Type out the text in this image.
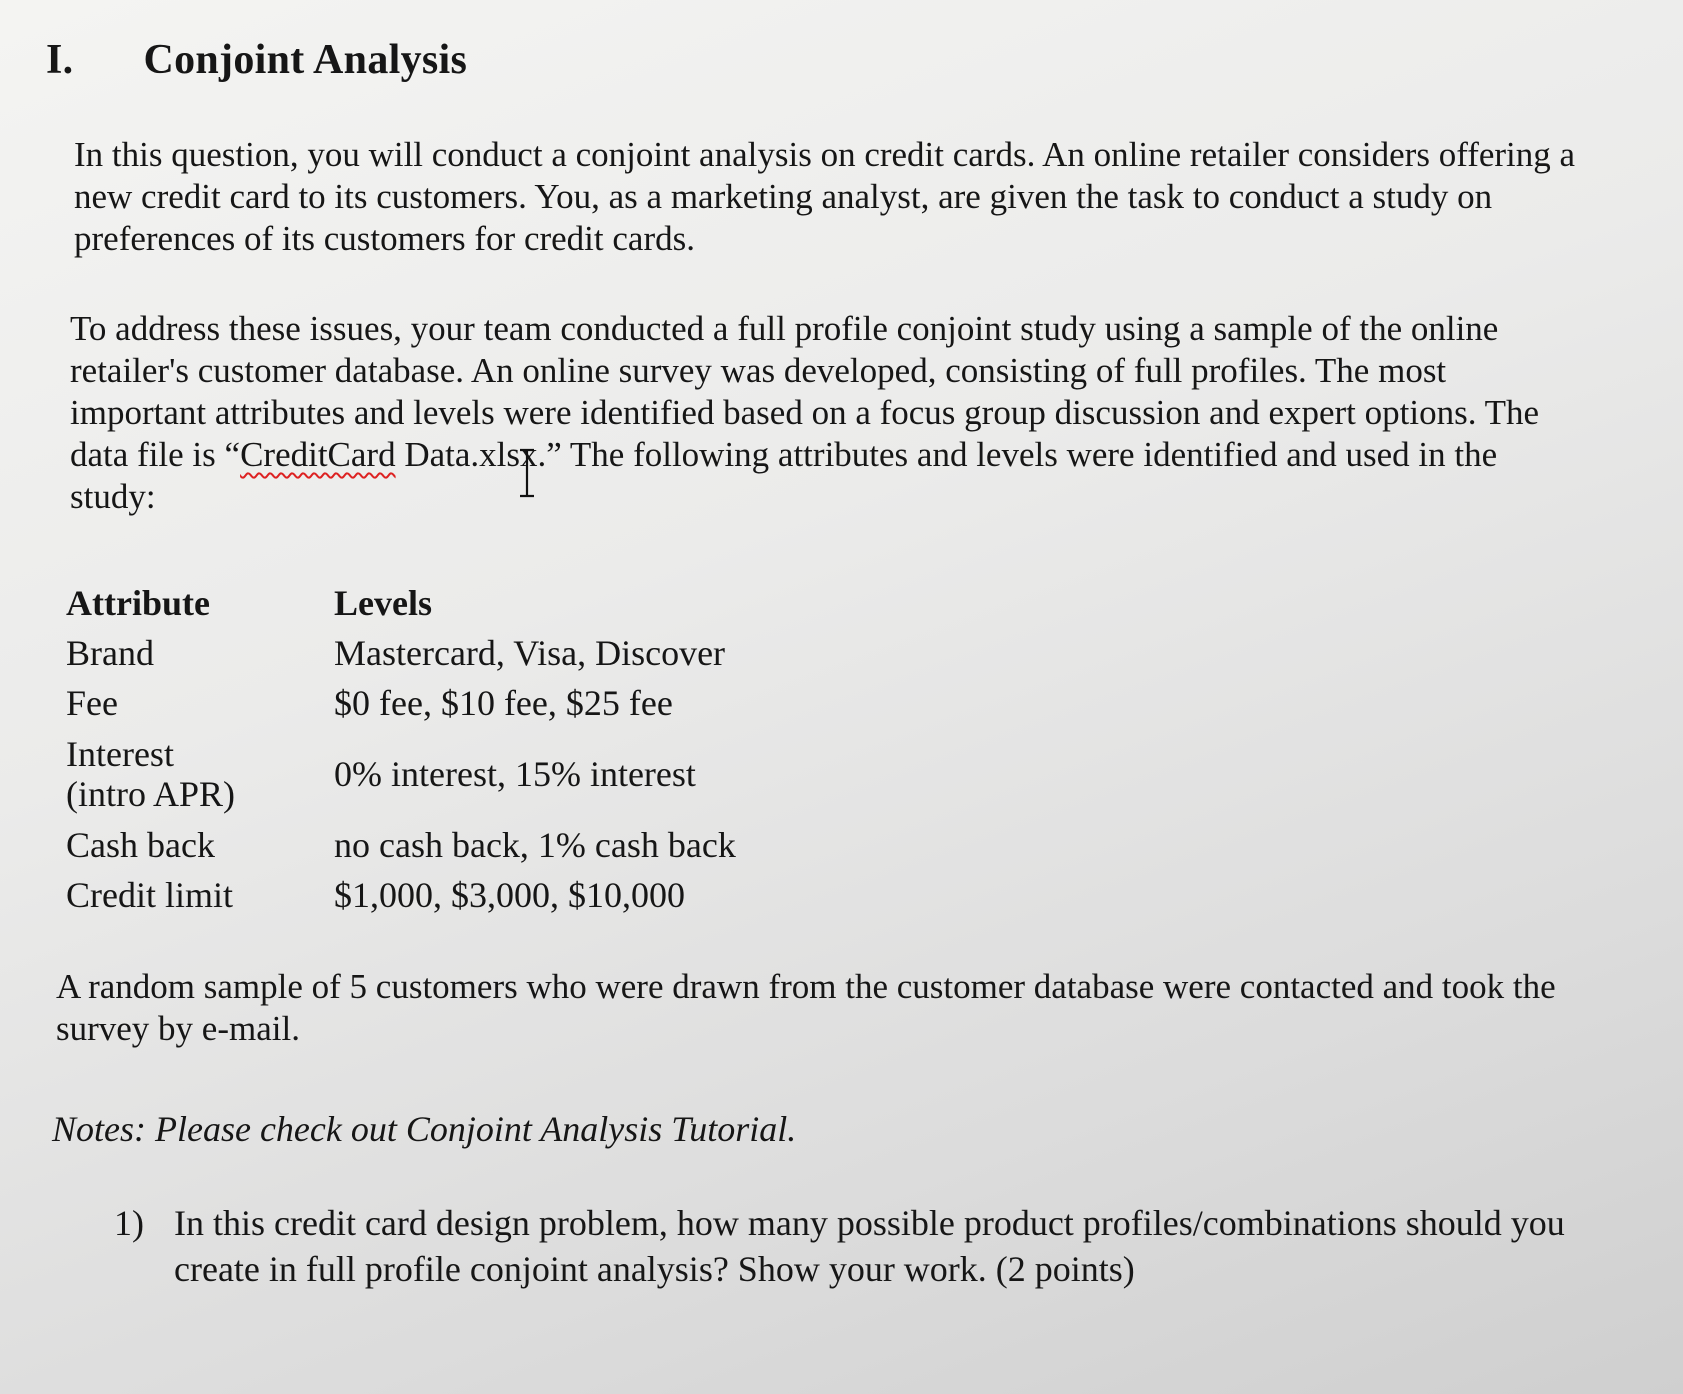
I. Conjoint Analysis

In this question, you will conduct a conjoint analysis on credit cards. An online retailer considers offering a new credit card to its customers. You, as a marketing analyst, are given the task to conduct a study on preferences of its customers for credit cards.

To address these issues, your team conducted a full profile conjoint study using a sample of the online retailer's customer database. An online survey was developed, consisting of full profiles. The most important attributes and levels were identified based on a focus group discussion and expert options. The data file is “CreditCard Data.xlsx.” The following attributes and levels were identified and used in the study:

Attribute	Levels
Brand	Mastercard, Visa, Discover
Fee	$0 fee, $10 fee, $25 fee
Interest
(intro APR)	0% interest, 15% interest
Cash back	no cash back, 1% cash back
Credit limit	$1,000, $3,000, $10,000

A random sample of 5 customers who were drawn from the customer database were contacted and took the survey by e-mail.

Notes: Please check out Conjoint Analysis Tutorial.
1) In this credit card design problem, how many possible product profiles/combinations should you create in full profile conjoint analysis? Show your work. (2 points)
